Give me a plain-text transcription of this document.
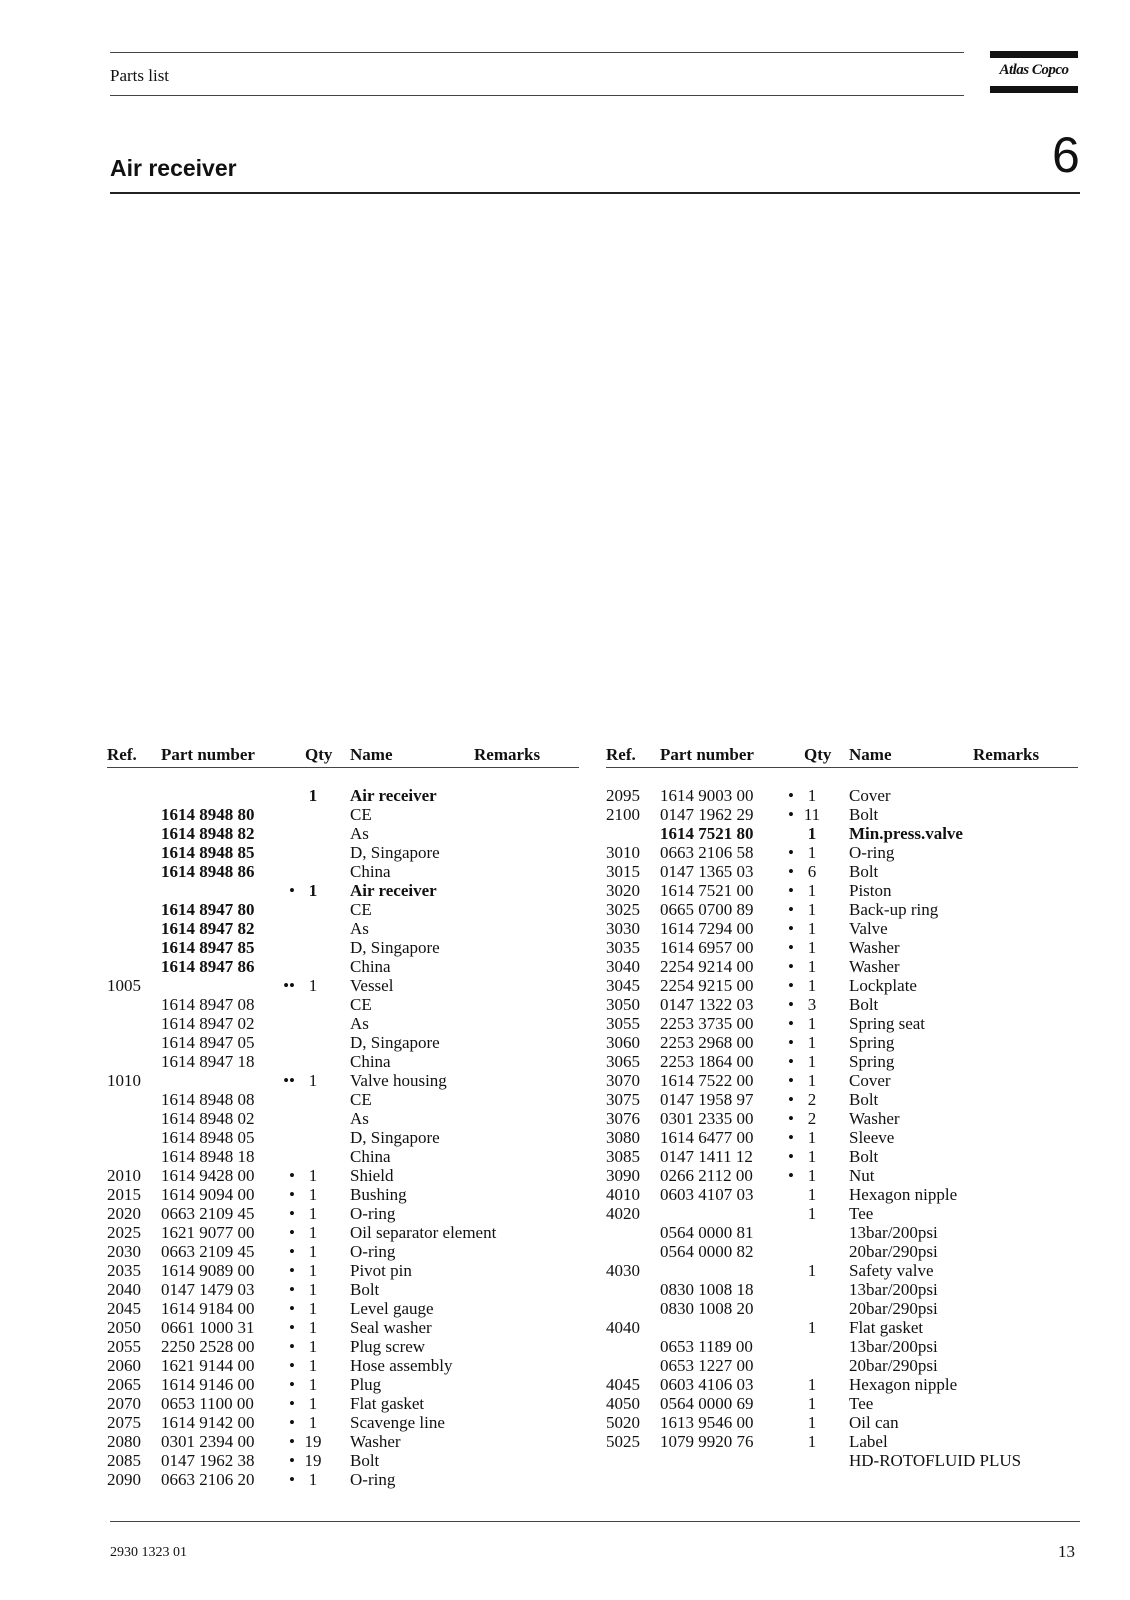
Parts list	Atlas Copco
Air receiver	6
Ref. Part number	Qty Name	Remarks
1	Air receiver
1614 8948 80	CE
1614 8948 82	As
1614 8948 85	D, Singapore
1614 8948 86	China
• 1	Air receiver
1614 8947 80	CE
1614 8947 82	As
1614 8947 85	D, Singapore
1614 8947 86	China
1005	•• 1	Vessel
1614 8947 08	CE
1614 8947 02	As
1614 8947 05	D, Singapore
1614 8947 18	China
1010	•• 1	Valve housing
1614 8948 08	CE
1614 8948 02	As
1614 8948 05	D, Singapore
1614 8948 18	China
2010 1614 9428 00	• 1	Shield
2015 1614 9094 00	• 1	Bushing
2020 0663 2109 45	• 1	O-ring
2025 1621 9077 00	• 1	Oil separator element
2030 0663 2109 45	• 1	O-ring
2035 1614 9089 00	• 1	Pivot pin
2040 0147 1479 03	• 1	Bolt
2045 1614 9184 00	• 1	Level gauge
2050 0661 1000 31	• 1	Seal washer
2055 2250 2528 00	• 1	Plug screw
2060 1621 9144 00	• 1	Hose assembly
2065 1614 9146 00	• 1	Plug
2070 0653 1100 00	• 1	Flat gasket
2075 1614 9142 00	• 1	Scavenge line
2080 0301 2394 00	• 19 Washer
2085 0147 1962 38	• 19 Bolt
2090 0663 2106 20	• 1	O-ring
Ref. Part number	Qty Name	Remarks
2095 1614 9003 00	• 1	Cover
2100 0147 1962 29	• 11 Bolt
1614 7521 80	1	Min.press.valve
3010 0663 2106 58	• 1	O-ring
3015 0147 1365 03	• 6	Bolt
3020 1614 7521 00	• 1	Piston
3025 0665 0700 89	• 1	Back-up ring
3030 1614 7294 00	• 1	Valve
3035 1614 6957 00	• 1	Washer
3040 2254 9214 00	• 1	Washer
3045 2254 9215 00	• 1	Lockplate
3050 0147 1322 03	• 3	Bolt
3055 2253 3735 00	• 1	Spring seat
3060 2253 2968 00	• 1	Spring
3065 2253 1864 00	• 1	Spring
3070 1614 7522 00	• 1	Cover
3075 0147 1958 97	• 2	Bolt
3076 0301 2335 00	• 2	Washer
3080 1614 6477 00	• 1	Sleeve
3085 0147 1411 12	• 1	Bolt
3090 0266 2112 00	• 1	Nut
4010 0603 4107 03	1	Hexagon nipple
4020	1	Tee
0564 0000 81	13bar/200psi
0564 0000 82	20bar/290psi
4030	1	Safety valve
0830 1008 18	13bar/200psi
0830 1008 20	20bar/290psi
4040	1	Flat gasket
0653 1189 00	13bar/200psi
0653 1227 00	20bar/290psi
4045 0603 4106 03	1	Hexagon nipple
4050 0564 0000 69	1	Tee
5020 1613 9546 00	1	Oil can
5025 1079 9920 76	1	Label
HD-ROTOFLUID PLUS
2930 1323 01	13
